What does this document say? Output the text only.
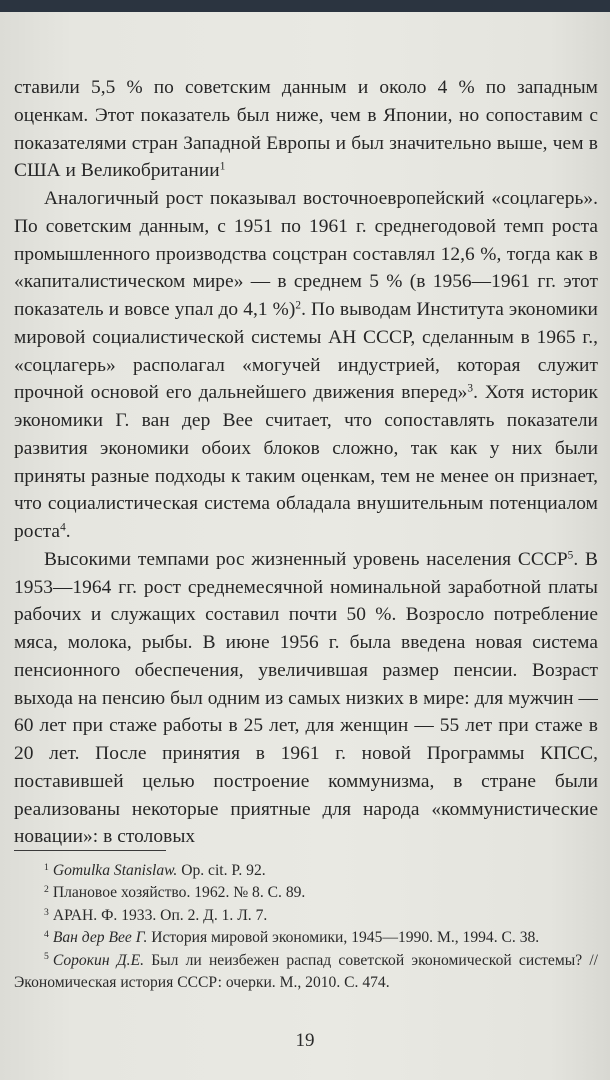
ставили 5,5 % по советским данным и около 4 % по западным оценкам. Этот показатель был ниже, чем в Японии, но сопоставим с показателями стран Западной Европы и был значительно выше, чем в США и Великобритании$^1$

Аналогичный рост показывал восточноевропейский «соцлагерь». По советским данным, с 1951 по 1961 г. среднегодовой темп роста промышленного производства соцстран составлял 12,6 %, тогда как в «капиталистическом мире» — в среднем 5 % (в 1956—1961 гг. этот показатель и вовсе упал до 4,1 %)$^2$. По выводам Института экономики мировой социалистической системы АН СССР, сделанным в 1965 г., «соцлагерь» располагал «могучей индустрией, которая служит прочной основой его дальнейшего движения вперед»$^3$. Хотя историк экономики Г. ван дер Вее считает, что сопоставлять показатели развития экономики обоих блоков сложно, так как у них были приняты разные подходы к таким оценкам, тем не менее он признает, что социалистическая система обладала внушительным потенциалом роста$^4$.

Высокими темпами рос жизненный уровень населения СССР$^5$. В 1953—1964 гг. рост среднемесячной номинальной заработной платы рабочих и служащих составил почти 50 %. Возросло потребление мяса, молока, рыбы. В июне 1956 г. была введена новая система пенсионного обеспечения, увеличившая размер пенсии. Возраст выхода на пенсию был одним из самых низких в мире: для мужчин — 60 лет при стаже работы в 25 лет, для женщин — 55 лет при стаже в 20 лет. После принятия в 1961 г. новой Программы КПСС, поставившей целью построение коммунизма, в стране были реализованы некоторые приятные для народа «коммунистические новации»: в столовых

$^1$ Gomulka Stanislaw. Op. cit. P. 92.

$^2$ Плановое хозяйство. 1962. № 8. С. 89.

$^3$ АРАН. Ф. 1933. Оп. 2. Д. 1. Л. 7.

$^4$ Ван дер Вее Г. История мировой экономики, 1945—1990. М., 1994. С. 38.

$^5$ Сорокин Д.Е. Был ли неизбежен распад советской экономической системы? // Экономическая история СССР: очерки. М., 2010. С. 474.

19
